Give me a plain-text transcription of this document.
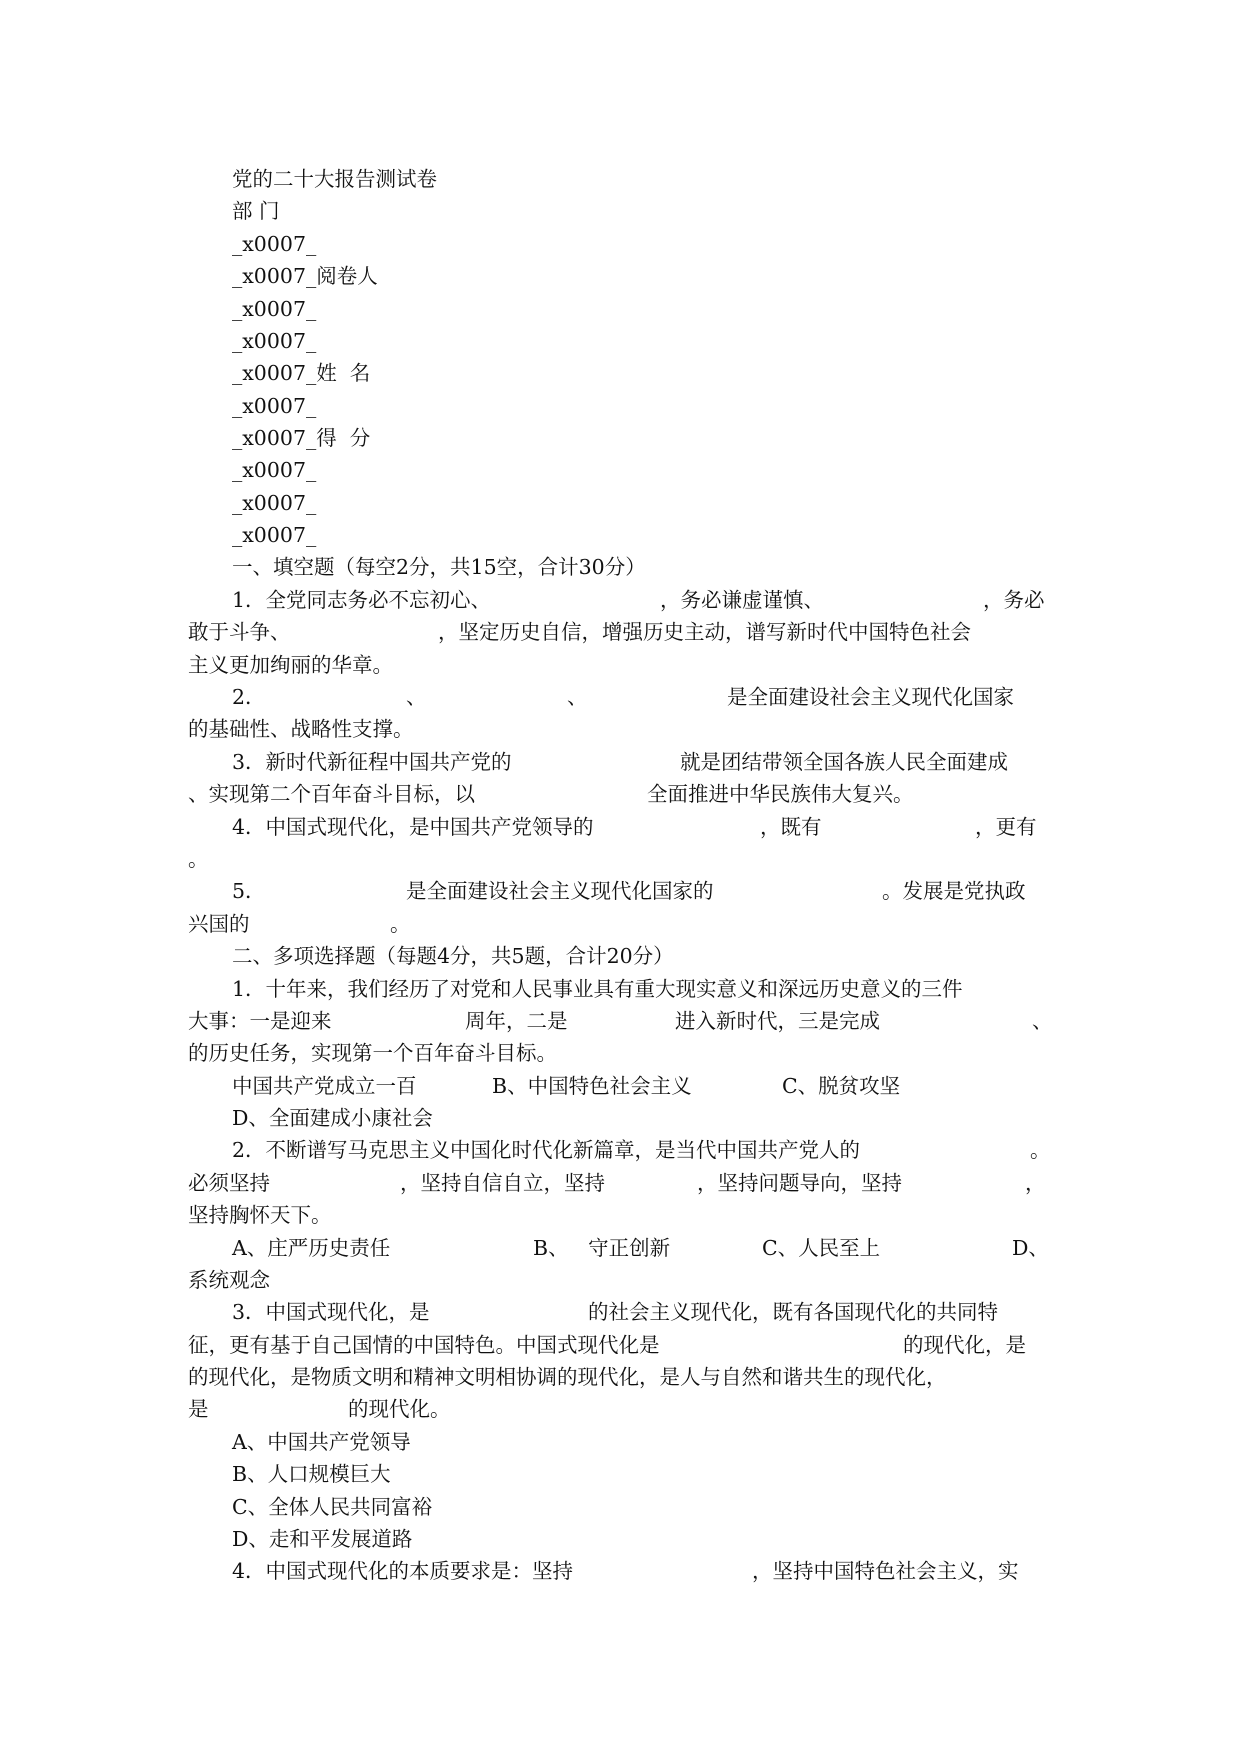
党的二十大报告测试卷
部 门
_x0007_
_x0007_阅卷人
_x0007_
_x0007_
_x0007_姓  名
_x0007_
_x0007_得  分
_x0007_
_x0007_
_x0007_
一、填空题（每空2分，共15空，合计30分）
1．全党同志务必不忘初心、	，务必谦虚谨慎、	，务必
敢于斗争、	，坚定历史自信，增强历史主动，谱写新时代中国特色社会
主义更加绚丽的华章。
2．	、	、	是全面建设社会主义现代化国家
的基础性、战略性支撑。
3．新时代新征程中国共产党的	就是团结带领全国各族人民全面建成
、实现第二个百年奋斗目标，以	全面推进中华民族伟大复兴。
4．中国式现代化，是中国共产党领导的	，既有	，更有
。
5．	是全面建设社会主义现代化国家的	。发展是党执政
兴国的	。
二、多项选择题（每题4分，共5题，合计20分）
1．十年来，我们经历了对党和人民事业具有重大现实意义和深远历史意义的三件
大事：一是迎来	周年，二是	进入新时代，三是完成	、
的历史任务，实现第一个百年奋斗目标。
中国共产党成立一百	B、中国特色社会主义	C、脱贫攻坚
D、全面建成小康社会
2．不断谱写马克思主义中国化时代化新篇章，是当代中国共产党人的	。
必须坚持	，坚持自信自立，坚持	，坚持问题导向，坚持	，
坚持胸怀天下。
A、庄严历史责任	B、   守正创新	C、人民至上	D、
系统观念
3．中国式现代化，是	的社会主义现代化，既有各国现代化的共同特
征，更有基于自己国情的中国特色。中国式现代化是	的现代化，是
的现代化，是物质文明和精神文明相协调的现代化，是人与自然和谐共生的现代化，
是	的现代化。
A、中国共产党领导
B、人口规模巨大
C、全体人民共同富裕
D、走和平发展道路
4．中国式现代化的本质要求是：坚持	，坚持中国特色社会主义，实
